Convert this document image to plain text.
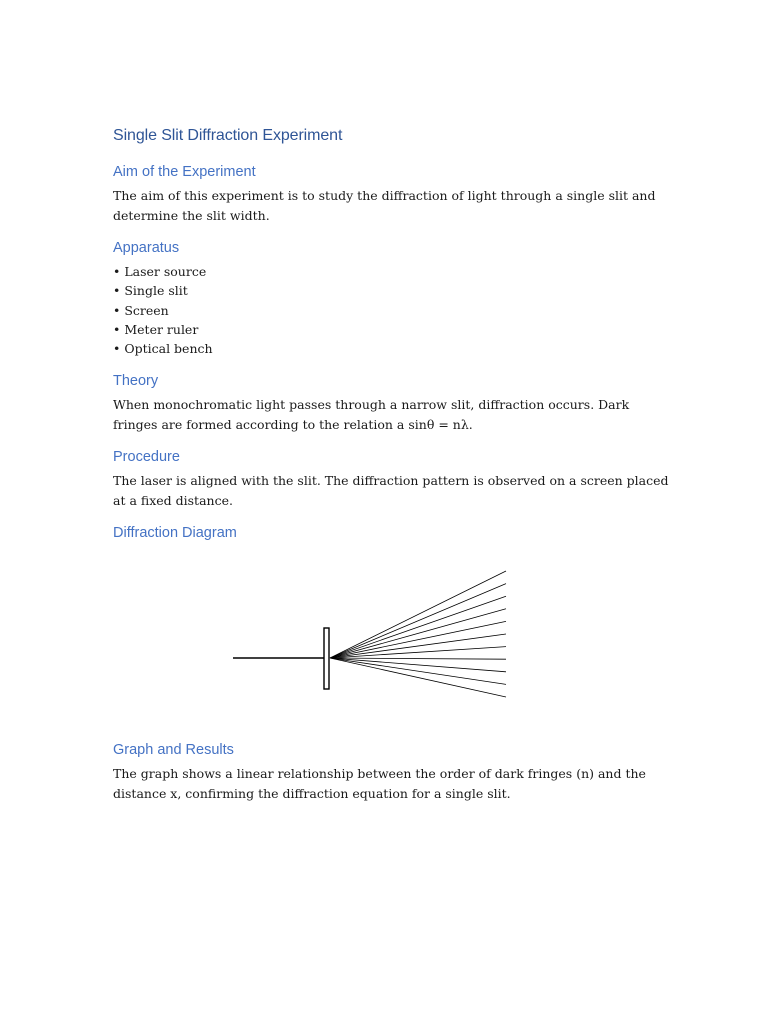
Single Slit Diffraction Experiment
Aim of the Experiment

The aim of this experiment is to study the diffraction of light through a single slit and determine the slit width.

Apparatus
• Laser source
• Single slit
• Screen
• Meter ruler
• Optical bench
Theory

When monochromatic light passes through a narrow slit, diffraction occurs. Dark fringes are formed according to the relation a sinθ = nλ.

Procedure

The laser is aligned with the slit. The diffraction pattern is observed on a screen placed at a fixed distance.

Diffraction Diagram
Graph and Results

The graph shows a linear relationship between the order of dark fringes (n) and the distance x, confirming the diffraction equation for a single slit.
